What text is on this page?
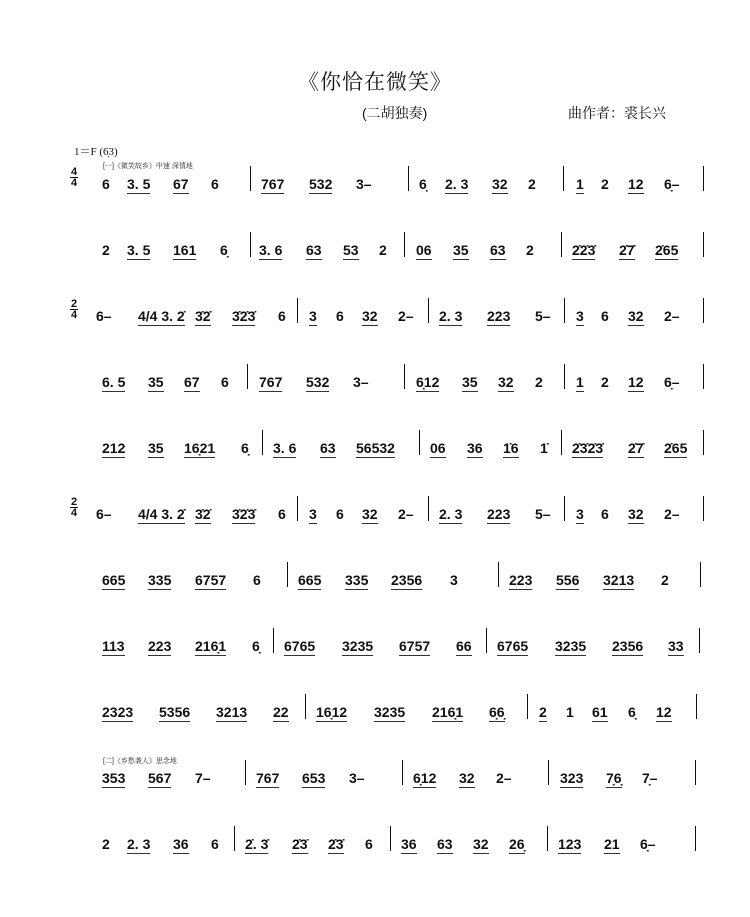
《你恰在微笑》
(二胡独奏)	曲作者：裘长兴
1＝F (6̣3)
[一]《微笑故乡》中速 深情地
[二]《乡愁袭人》思念地
4
4 6 3. 5 67 6	767 532 3–	6̣ 2. 3 32 2	1 2 12 6̣–
2 3. 5 161 6̣ 3. 6 63 53 2 06 35 63 2	2̇2̇3̇ 2̇7̇ 2̇65
2
4 6– 4/4 3. 2̇ 3̇2̇ 3̇2̇3̇ 6 3 6 32 2– 2. 3 223 5– 3 6 32 2–
6. 5 35 67 6 767 532 3–	6̣12 35 32 2 1 2 12 6̣–
212 35 16̣21 6̣ 3. 6 63 56532	06 36 1̇6 1̇ 2̇3̇2̇3̇ 2̇7̇ 2̇65
2
4 6– 4/4 3. 2̇ 3̇2̇ 3̇2̇3̇ 6 3 6 32 2– 2. 3 223 5– 3 6 32 2–
665 335 6757 6	665 335 2356 3	223 556 3213 2
113 223 216̣1 6̣ 6765 3235 6757 66 6765 3235 2356 33
2323 5356 3213 22 16̣12 3235 216̣1 6̣6̣ 2 1 61 6̣ 12
353 567 7–	767 653 3–	6̣12 32 2–	323 7̣6̣ 7̣–
2 2. 3 36 6 2̇. 3̇ 2̇3̇ 2̇3̇ 6 36 63 32 26̣ 123 21 6̣–
